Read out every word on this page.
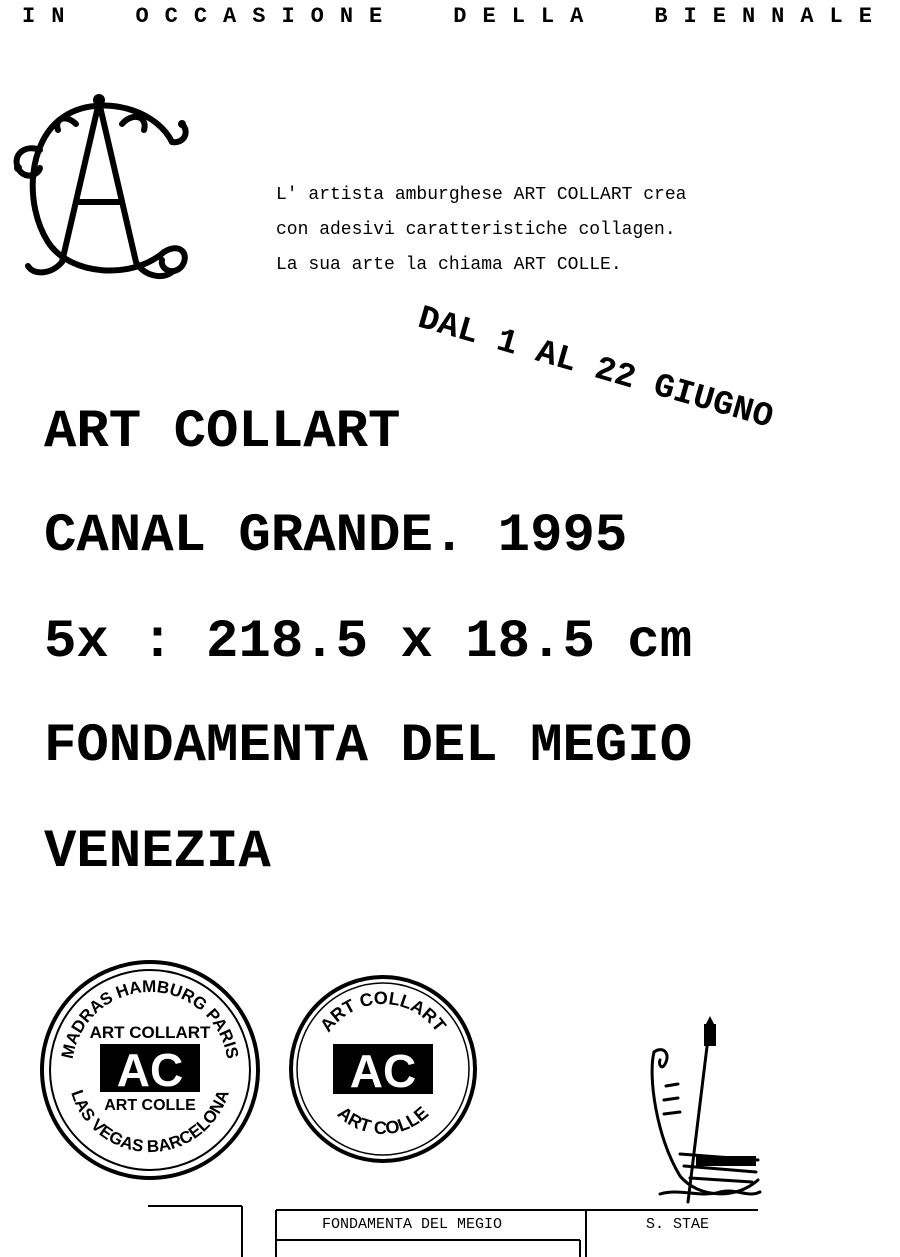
IN	OCCASIONE	DELLA	BIENNALE
L' artista amburghese ART COLLART crea
con adesivi caratteristiche collagen.
La sua arte la chiama ART COLLE.
DAL 1 AL 22 GIUGNO
ART COLLART
CANAL GRANDE. 1995
5x : 218.5 x 18.5 cm
FONDAMENTA DEL MEGIO
VENEZIA
MADRAS HAMBURG PARIS
LAS VEGAS BARCELONA
ART COLLART
AC
ART COLLE
ART COLLART
ART COLLE
AC
FONDAMENTA DEL MEGIO	S. STAE
